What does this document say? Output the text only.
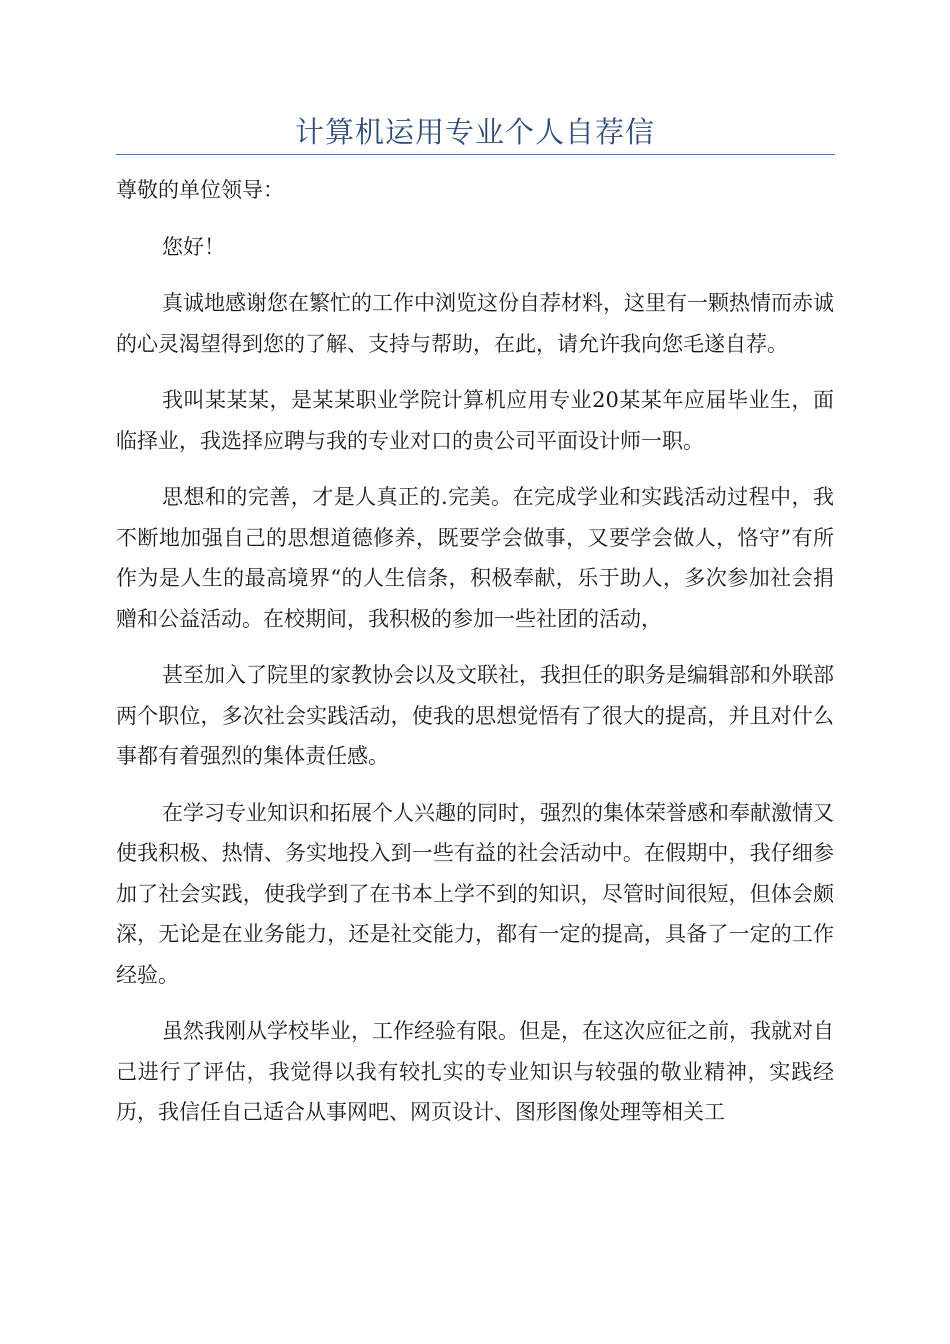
计算机运用专业个人自荐信

尊敬的单位领导：

您好！

真诚地感谢您在繁忙的工作中浏览这份自荐材料，这里有一颗热情而赤诚的心灵渴望得到您的了解、支持与帮助，在此，请允许我向您毛遂自荐。

我叫某某某，是某某职业学院计算机应用专业20某某年应届毕业生，面临择业，我选择应聘与我的专业对口的贵公司平面设计师一职。

思想和的完善，才是人真正的.完美。在完成学业和实践活动过程中，我不断地加强自己的思想道德修养，既要学会做事，又要学会做人，恪守”有所作为是人生的最高境界“的人生信条，积极奉献，乐于助人，多次参加社会捐赠和公益活动。在校期间，我积极的参加一些社团的活动，

甚至加入了院里的家教协会以及文联社，我担任的职务是编辑部和外联部两个职位，多次社会实践活动，使我的思想觉悟有了很大的提高，并且对什么事都有着强烈的集体责任感。

在学习专业知识和拓展个人兴趣的同时，强烈的集体荣誉感和奉献激情又使我积极、热情、务实地投入到一些有益的社会活动中。在假期中，我仔细参加了社会实践，使我学到了在书本上学不到的知识，尽管时间很短，但体会颇深，无论是在业务能力，还是社交能力，都有一定的提高，具备了一定的工作经验。

虽然我刚从学校毕业，工作经验有限。但是，在这次应征之前，我就对自己进行了评估，我觉得以我有较扎实的专业知识与较强的敬业精神，实践经历，我信任自己适合从事网吧、网页设计、图形图像处理等相关工
